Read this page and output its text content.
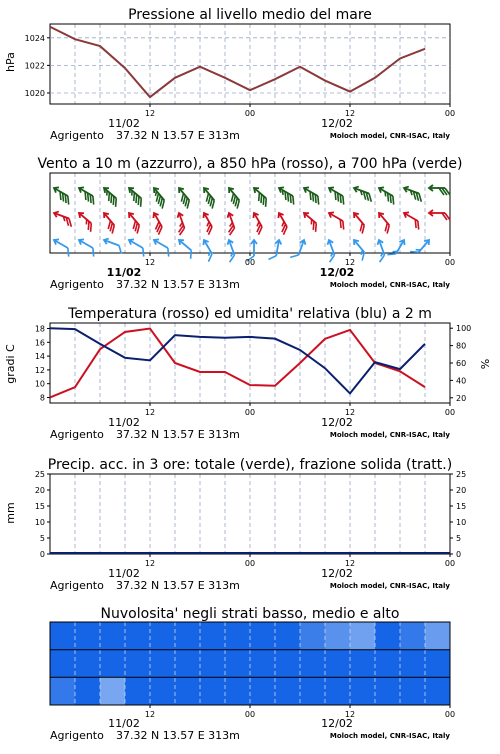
Pressione al livello medio del mare
hPa
1020
1022
1024
12	00	12	00
11/02	12/02
Agrigento 37.32 N 13.57 E 313m	Moloch model, CNR-ISAC, Italy
Vento a 10 m (azzurro), a 850 hPa (rosso), a 700 hPa (verde)
12	00	12	00
11/02	12/02
Agrigento 37.32 N 13.57 E 313m	Moloch model, CNR-ISAC, Italy
Temperatura (rosso) ed umidita' relativa (blu) a 2 m
gradi C	%
8
10
12
14
16
18
20
40
60
80
100
12	00	12	00
11/02	12/02
Agrigento 37.32 N 13.57 E 313m	Moloch model, CNR-ISAC, Italy
Precip. acc. in 3 ore: totale (verde), frazione solida (tratt.)
mm
0	0
5	5
10	10
15	15
20	20
25	25
12	00	12	00
11/02	12/02
Agrigento 37.32 N 13.57 E 313m	Moloch model, CNR-ISAC, Italy
Nuvolosita' negli strati basso, medio e alto
12	00	12	00
11/02	12/02
Agrigento 37.32 N 13.57 E 313m	Moloch model, CNR-ISAC, Italy
